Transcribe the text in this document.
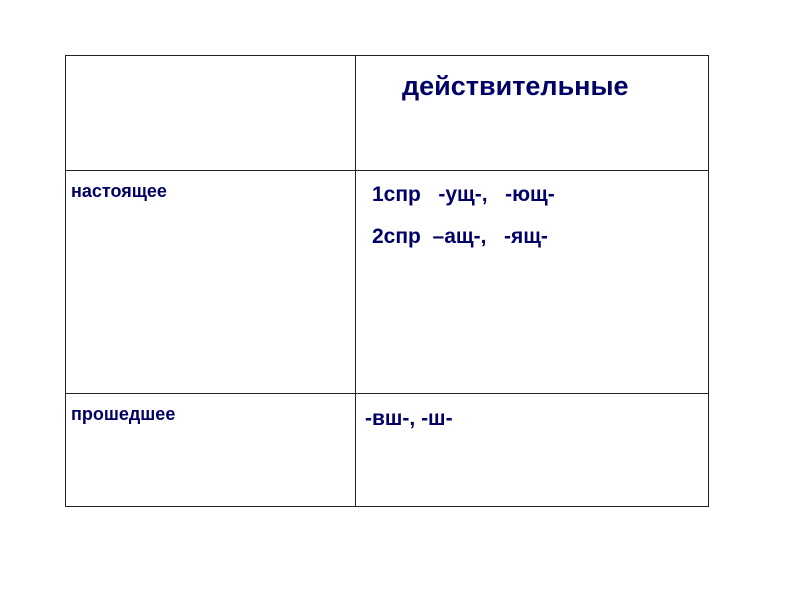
действительные
настоящее	1спр   -ущ-,   -ющ-
2спр  –ащ-,   -ящ-
прошедшее	-вш-, -ш-
